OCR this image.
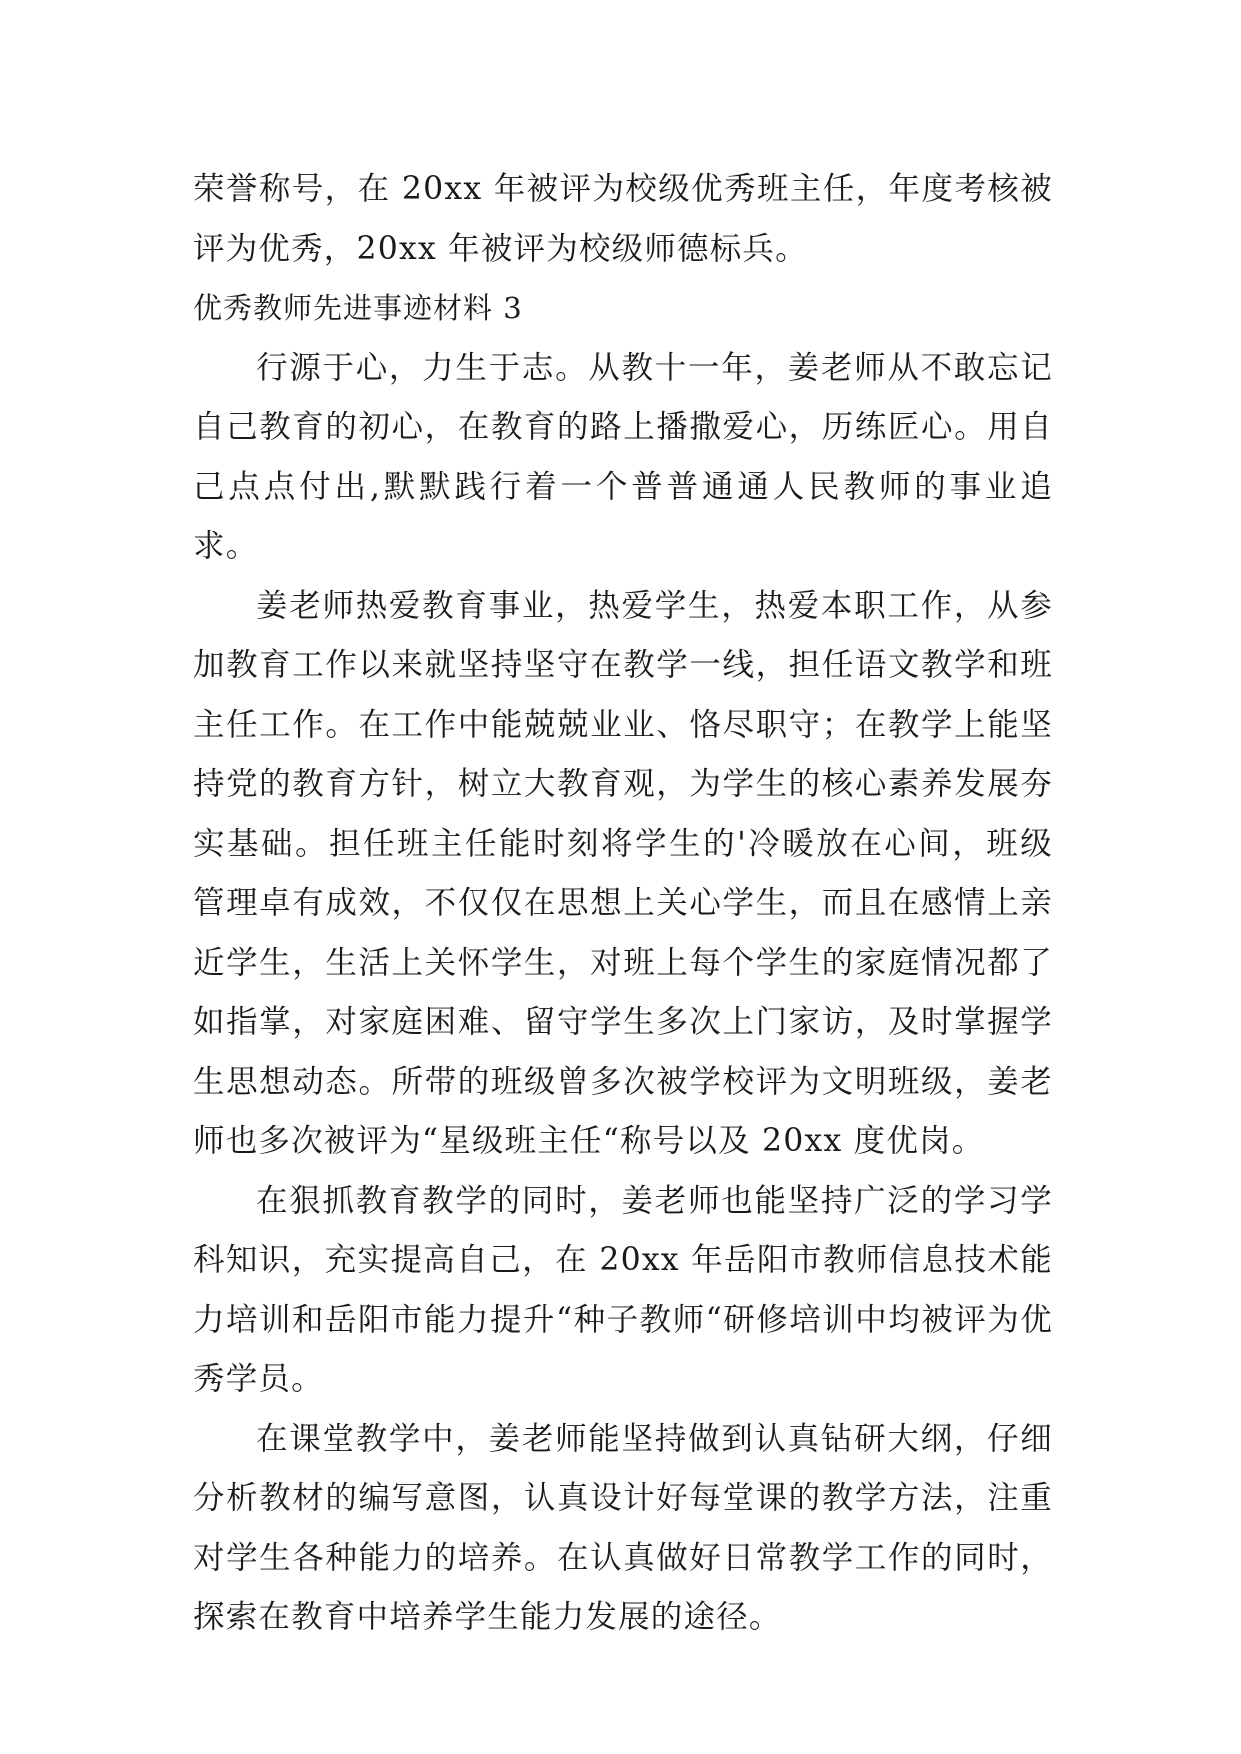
荣誉称号，在 20xx 年被评为校级优秀班主任，年度考核被评为优秀，20xx 年被评为校级师德标兵。

优秀教师先进事迹材料 3

行源于心，力生于志。从教十一年，姜老师从不敢忘记自己教育的初心，在教育的路上播撒爱心，历练匠心。用自己点点付出,默默践行着一个普普通通人民教师的事业追求。

姜老师热爱教育事业，热爱学生，热爱本职工作，从参加教育工作以来就坚持坚守在教学一线，担任语文教学和班主任工作。在工作中能兢兢业业、恪尽职守；在教学上能坚持党的教育方针，树立大教育观，为学生的核心素养发展夯实基础。担任班主任能时刻将学生的'冷暖放在心间，班级管理卓有成效，不仅仅在思想上关心学生，而且在感情上亲近学生，生活上关怀学生，对班上每个学生的家庭情况都了如指掌，对家庭困难、留守学生多次上门家访，及时掌握学生思想动态。所带的班级曾多次被学校评为文明班级，姜老师也多次被评为“星级班主任“称号以及 20xx 度优岗。

在狠抓教育教学的同时，姜老师也能坚持广泛的学习学科知识，充实提高自己，在 20xx 年岳阳市教师信息技术能力培训和岳阳市能力提升“种子教师“研修培训中均被评为优秀学员。

在课堂教学中，姜老师能坚持做到认真钻研大纲，仔细分析教材的编写意图，认真设计好每堂课的教学方法，注重对学生各种能力的培养。在认真做好日常教学工作的同时，探索在教育中培养学生能力发展的途径。
